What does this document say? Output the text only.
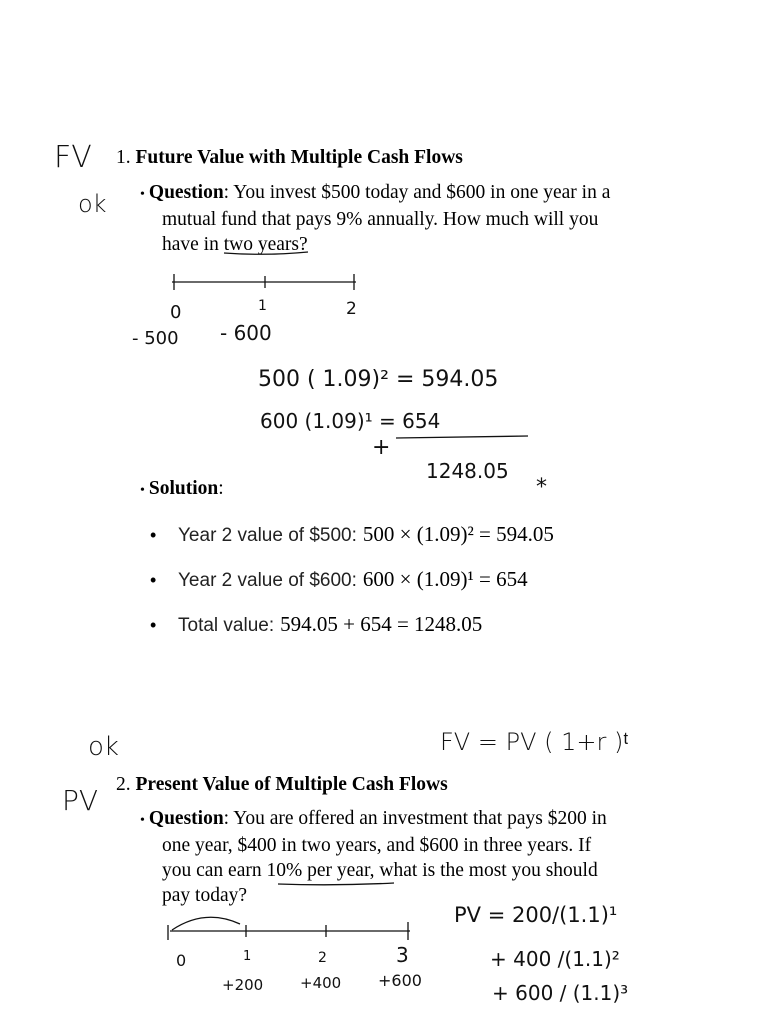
FV
ok
1. Future Value with Multiple Cash Flows
• Question: You invest $500 today and $600 in one year in a
mutual fund that pays 9% annually. How much will you
have in two years?
0	1	2
- 500 - 600
500 ( 1.09)² = 594.05
600 (1.09)¹ = 654
+
1248.05
*
• Solution:
•	Year 2 value of $500: 500 × (1.09)² = 594.05
•	Year 2 value of $600: 600 × (1.09)¹ = 654
•	Total value: 594.05 + 654 = 1248.05
ok
PV
FV = PV ( 1+r )ᵗ
2. Present Value of Multiple Cash Flows
• Question: You are offered an investment that pays $200 in
one year, $400 in two years, and $600 in three years. If
you can earn 10% per year, what is the most you should
pay today?
0	1	2	3
+200 +400 +600
PV = 200/(1.1)¹
+ 400 /(1.1)²
+ 600 / (1.1)³
